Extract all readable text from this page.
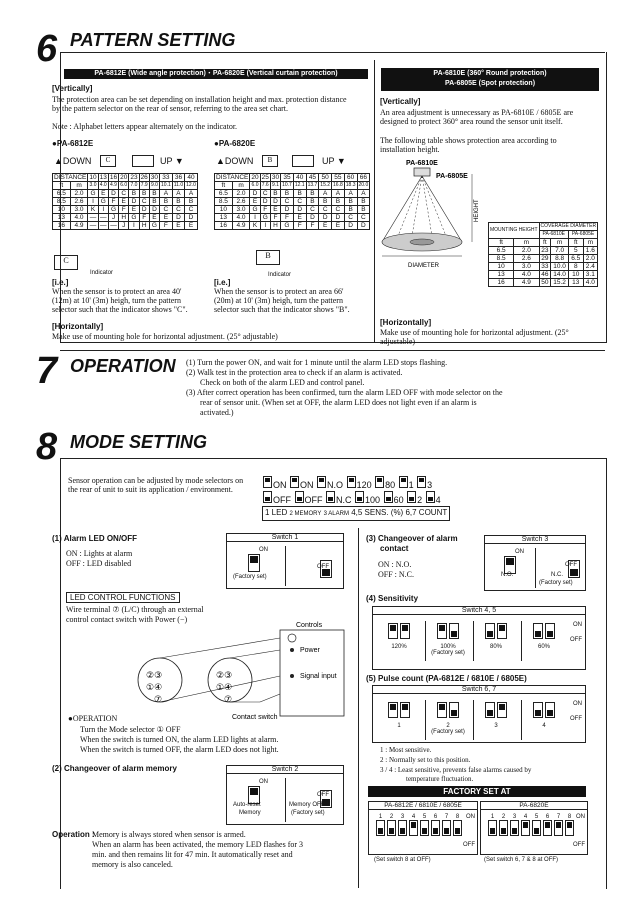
6 PATTERN SETTING
PA-6812E (Wide angle protection)・PA-6820E (Vertical curtain protection)
[Vertically]
The protection area can be set depending on installation height and max. protection distance by the pattern selector on the rear of sensor, referring to the area set chart.
Note : Alphabet letters appear alternately on the indicator.
●PA-6812E
▲DOWN	C	UP ▼
DISTANCE		10	13	16	20	23	26	30	33	36	40
ft	m	3.0	4.0	4.9	6.0	7.0	7.9	9.0	10.1	11.0	12.0
6.5	2.0	G	E	D	C	B	B	B	A	A	A
8.5	2.6	I	G	F	E	D	C	B	B	B	B
10	3.0	K	I	G	F	E	D	D	C	C	C
13	4.0	—	—	J	H	G	F	E	E	D	D
16	4.9	—	—	—	J	I	H	G	F	E	E
C
Indicator
[i.e.]
When the sensor is to protect an area 40' (12m) at 10' (3m) heigh, turn the pattern selector such that the indicator shows "C".
●PA-6820E
▲DOWN	B	UP ▼
DISTANCE		20	25	30	35	40	45	50	55	60	66
ft	m	6.0	7.6	9.1	10.7	12.1	13.7	15.2	16.8	18.3	20.0
6.5	2.0	D	C	B	B	B	B	A	A	A	A
8.5	2.6	E	D	D	C	C	B	B	B	B	B
10	3.0	G	F	E	D	D	C	C	C	B	B
13	4.0	I	G	F	F	E	D	D	D	C	C
16	4.9	K	I	H	G	F	F	E	E	D	D
B
Indicator
[i.e.]
When the sensor is to protect an area 66' (20m) at 10' (3m) heigh, turn the pattern selector such that the indicator shows "B".
[Horizontally]
Make use of mounting hole for horizontal adjustment. (25° adjustable)
PA-6810E (360° Round protection)
PA-6805E (Spot protection)
[Vertically]
An area adjustment is unnecessary as PA-6810E / 6805E are designed to protect 360° area round the sensor unit itself.
The following table shows protection area according to installation height.
PA-6810E
PA-6805E
HEIGHT
DIAMETER
MOUNTING HEIGHT		COVERAGE DIAMETER			
		PA-6810E		PA-6805E	
ft	m	ft	m	ft	m
6.5	2.0	23	7.0	5	1.6
8.5	2.6	29	8.8	6.5	2.0
10	3.0	33	10.0	8	2.4
13	4.0	46	14.0	10	3.1
16	4.9	50	15.2	13	4.0
[Horizontally]
Make use of mounting hole for horizontal adjustment. (25° adjustable)
7 OPERATION (1) Turn the power ON, and wait for 1 minute until the alarm LED stops flashing.
(2) Walk test in the protection area to check if an alarm is activated.
Check on both of the alarm LED and control panel.
(3) After correct operation has been confirmed, turn the alarm LED OFF with mode selector on the
rear of sensor unit. (When set at OFF, the alarm LED does not light even if an alarm is
activated.)
8 MODE SETTING
Sensor operation can be adjusted by mode selectors on the rear of unit to suit its application / environment.	ON ON N.O 120 80 1 3
OFF OFF N.C 100 60 2 4
1 LED 2 MEMORY 3 ALARM 4,5 SENS. (%) 6,7 COUNT
(1) Alarm LED ON/OFF
ON : Lights at alarm
OFF : LED disabled
Switch 1

ON
(Factory set)
OFF
LED CONTROL FUNCTIONS
Wire terminal ⑦ (L/C) through an external
control contact switch with Power (−)
Controls
Power
Signal input
②③
①④
⑦
②③
①④
⑦
Contact switch
●OPERATION
Turn the Mode selector ① OFF
When the switch is turned ON, the alarm LED lights at alarm.
When the switch is turned OFF, the alarm LED does not light.
(2) Changeover of alarm memory	Switch 2

ON
Auto-reset
Memory
OFF
Memory OFF
(Factory set)
Operation :
Memory is always stored when sensor is armed.
When an alarm has been activated, the memory LED flashes for 3
min. and then remains lit for 47 min. It automatically reset and
memory is also canceled.
(3) Changeover of alarm
contact
ON : N.O.
OFF : N.C.
Switch 3

ON
N.O.
OFF
N.C.
(Factory set)
(4) Sensitivity
Switch 4, 5
120%	100%
(Factory set)
80%	60%
ON
OFF
(5) Pulse count (PA-6812E / 6810E / 6805E)
Switch 6, 7
1	2
(Factory set)
3	4
ON
OFF
1 : Most sensitive.
2 : Normally set to this position.
3 / 4 : Least sensitive, prevents false alarms caused by
temperature fluctuation.
FACTORY SET AT
PA-6812E / 6810E / 6805E
1	2	3	4	5	6	7	8	ON
OFF
PA-6820E
1	2	3	4	5	6	7	8 ON
OFF
(Set switch 8 at OFF)	(Set switch 6, 7 & 8 at OFF)
